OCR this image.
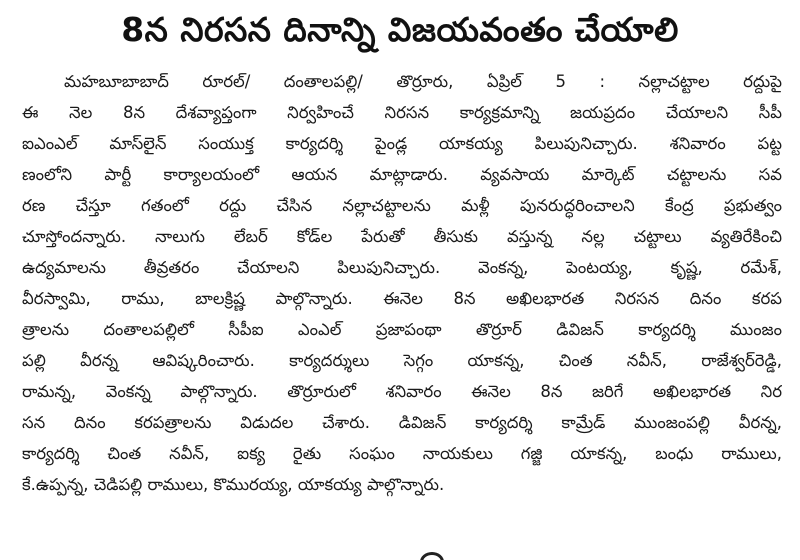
8న నిరసన దినాన్ని విజయవంతం చేయాలి
మహబూబాబాద్ రూరల్/ దంతాలపల్లి/ తొర్రూరు, ఏప్రిల్ 5 : నల్లాచట్టాల రద్దుపై
ఈ నెల 8న దేశవ్యాప్తంగా నిర్వహించే నిరసన కార్యక్రమాన్ని జయప్రదం చేయాలని సీపీ
ఐఎంఎల్ మాస్‌లైన్ సంయుక్త కార్యదర్శి పైండ్ల యాకయ్య పిలుపునిచ్చారు. శనివారం పట్ట
ణంలోని పార్టీ కార్యాలయంలో ఆయన మాట్లాడారు. వ్యవసాయ మార్కెట్ చట్టాలను సవ
రణ చేస్తూ గతంలో రద్దు చేసిన నల్లాచట్టాలను మళ్లీ పునరుద్ధరించాలని కేంద్ర ప్రభుత్వం
చూస్తోందన్నారు. నాలుగు లేబర్ కోడ్‌ల పేరుతో తీసుకు వస్తున్న నల్ల చట్టాలు వ్యతిరేకించి
ఉద్యమాలను తీవ్రతరం చేయాలని పిలుపునిచ్చారు. వెంకన్న, పెంటయ్య, కృష్ణ, రమేశ్,
వీరస్వామి, రాము, బాలక్రిష్ణ పాల్గొన్నారు. ఈనెల 8న అఖిలభారత నిరసన దినం కరప
త్రాలను దంతాలపల్లిలో సీపీఐ ఎంఎల్ ప్రజాపంథా తొర్రూర్ డివిజన్ కార్యదర్శి ముంజం
పల్లి వీరన్న ఆవిష్కరించారు. కార్యదర్శులు సెగ్గం యాకన్న, చింత నవీన్, రాజేశ్వర్‌రెడ్డి,
రామన్న, వెంకన్న పాల్గొన్నారు. తొర్రూరులో శనివారం ఈనెల 8న జరిగే అఖిలభారత నిర
సన దినం కరపత్రాలను విడుదల చేశారు. డివిజన్ కార్యదర్శి కామ్రేడ్ ముంజంపల్లి వీరన్న,
కార్యదర్శి చింత నవీన్, ఐక్య రైతు సంఘం నాయకులు గజ్జి యాకన్న, బంధు రాములు,
కే.ఉప్పన్న, చెడిపల్లి రాములు, కొమురయ్య, యాకయ్య పాల్గొన్నారు.
